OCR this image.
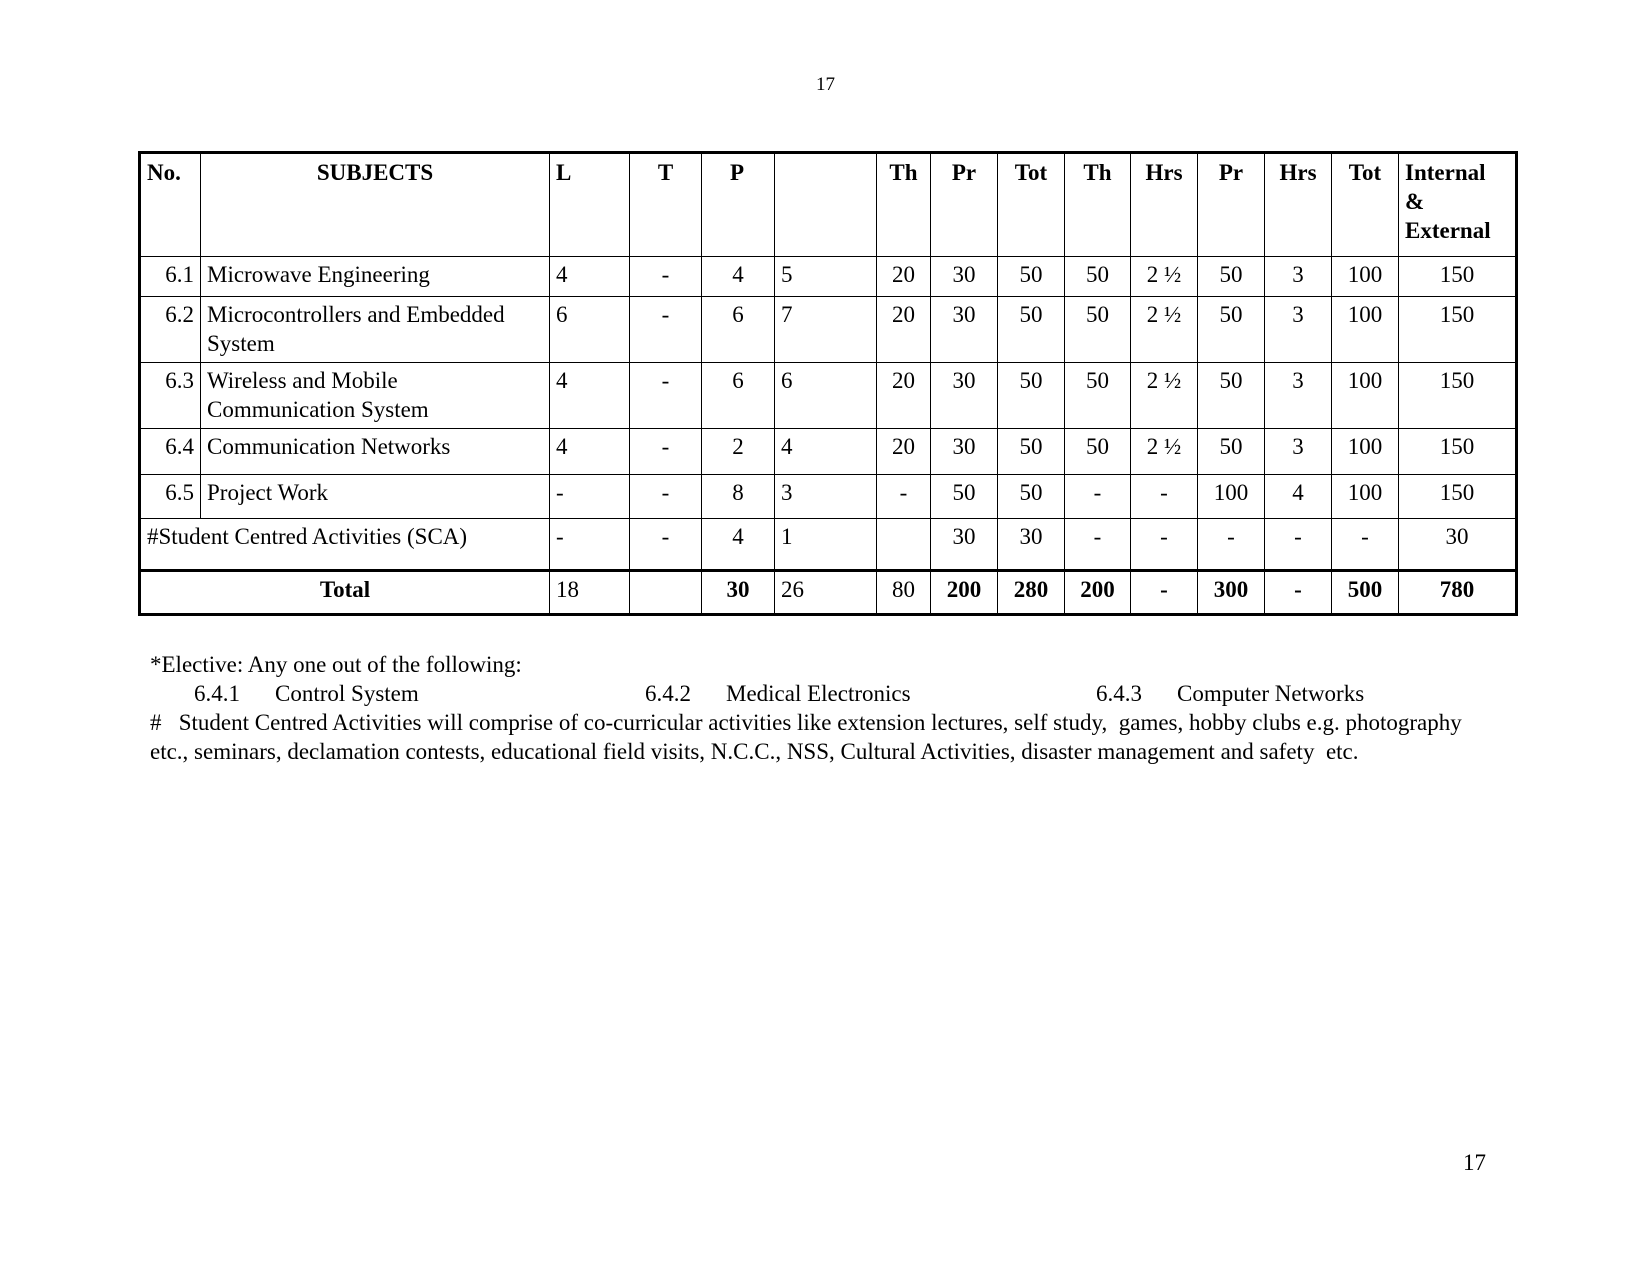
17
No.	SUBJECTS	L	T	P		Th	Pr	Tot	Th	Hrs	Pr	Hrs	Tot	Internal
&
External

6.1	Microwave Engineering	4	-	4	5	20	30	50	50	2 ½	50	3	100	150
6.2	Microcontrollers and Embedded System	6	-	6	7	20	30	50	50	2 ½	50	3	100	150
6.3	Wireless and Mobile Communication System	4	-	6	6	20	30	50	50	2 ½	50	3	100	150
6.4	Communication Networks	4	-	2	4	20	30	50	50	2 ½	50	3	100	150
6.5	Project Work	-	-	8	3	-	50	50	-	-	100	4	100	150
#Student Centred Activities (SCA)		-	-	4	1		30	30	-	-	-	-	-	30
Total		18		30	26	80	200	280	200	-	300	-	500	780
*Elective: Any one out of the following:
6.4.1 Control System	6.4.2 Medical Electronics	6.4.3 Computer Networks
#   Student Centred Activities will comprise of co-curricular activities like extension lectures, self study,  games, hobby clubs e.g. photography etc., seminars, declamation contests, educational field visits, N.C.C., NSS, Cultural Activities, disaster management and safety  etc.
17
